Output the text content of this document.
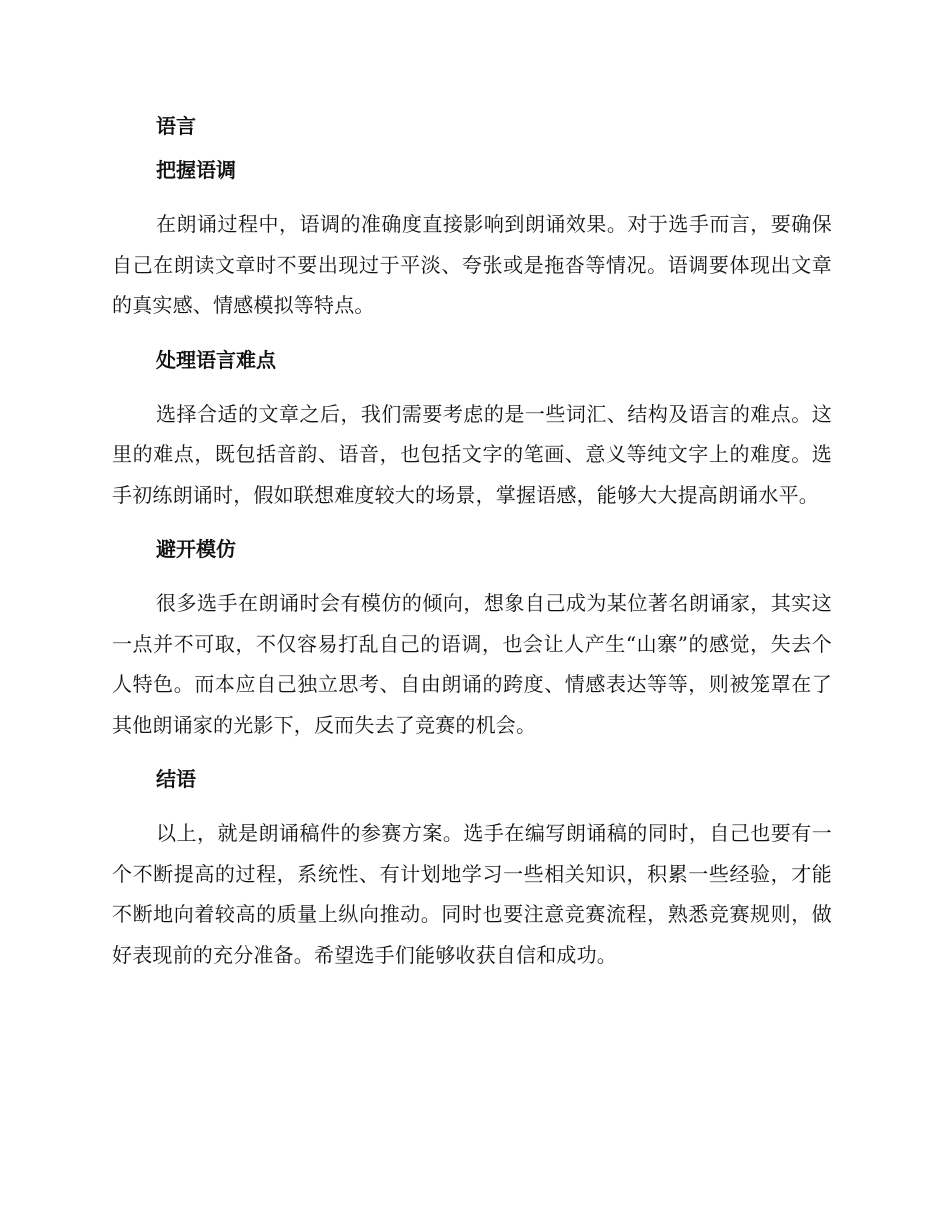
语言
把握语调

在朗诵过程中，语调的准确度直接影响到朗诵效果。对于选手而言，要确保自己在朗读文章时不要出现过于平淡、夸张或是拖沓等情况。语调要体现出文章的真实感、情感模拟等特点。

处理语言难点

选择合适的文章之后，我们需要考虑的是一些词汇、结构及语言的难点。这里的难点，既包括音韵、语音，也包括文字的笔画、意义等纯文字上的难度。选手初练朗诵时，假如联想难度较大的场景，掌握语感，能够大大提高朗诵水平。

避开模仿

很多选手在朗诵时会有模仿的倾向，想象自己成为某位著名朗诵家，其实这一点并不可取，不仅容易打乱自己的语调，也会让人产生“山寨”的感觉，失去个人特色。而本应自己独立思考、自由朗诵的跨度、情感表达等等，则被笼罩在了其他朗诵家的光影下，反而失去了竞赛的机会。

结语

以上，就是朗诵稿件的参赛方案。选手在编写朗诵稿的同时，自己也要有一个不断提高的过程，系统性、有计划地学习一些相关知识，积累一些经验，才能不断地向着较高的质量上纵向推动。同时也要注意竞赛流程，熟悉竞赛规则，做好表现前的充分准备。希望选手们能够收获自信和成功。
